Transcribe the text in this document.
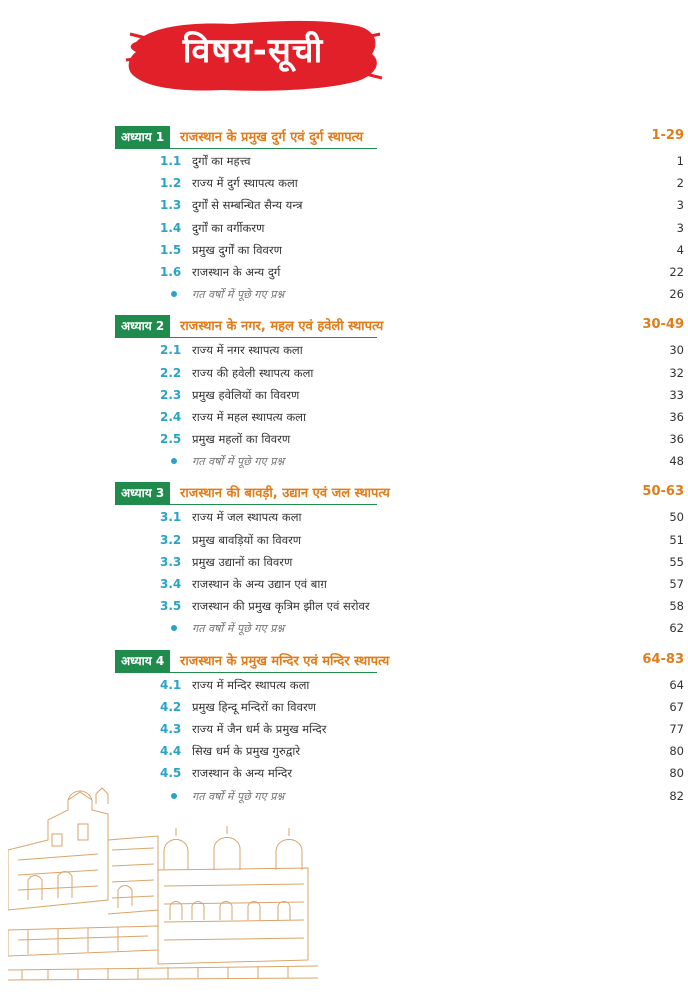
विषय-सूची
अध्याय 1	राजस्थान के प्रमुख दुर्ग एवं दुर्ग स्थापत्य	1-29
1.1 दुर्गों का महत्त्व	1
1.2 राज्य में दुर्ग स्थापत्य कला	2
1.3 दुर्गों से सम्बन्धित सैन्य यन्त्र	3
1.4 दुर्गों का वर्गीकरण	3
1.5 प्रमुख दुर्गों का विवरण	4
1.6 राजस्थान के अन्य दुर्ग	22
गत वर्षों में पूछे गए प्रश्न	26
अध्याय 2	राजस्थान के नगर, महल एवं हवेली स्थापत्य	30-49
2.1 राज्य में नगर स्थापत्य कला	30
2.2 राज्य की हवेली स्थापत्य कला	32
2.3 प्रमुख हवेलियों का विवरण	33
2.4 राज्य में महल स्थापत्य कला	36
2.5 प्रमुख महलों का विवरण	36
गत वर्षों में पूछे गए प्रश्न	48
अध्याय 3	राजस्थान की बावड़ी, उद्यान एवं जल स्थापत्य	50-63
3.1 राज्य में जल स्थापत्य कला	50
3.2 प्रमुख बावड़ियों का विवरण	51
3.3 प्रमुख उद्यानों का विवरण	55
3.4 राजस्थान के अन्य उद्यान एवं बाग़	57
3.5 राजस्थान की प्रमुख कृत्रिम झील एवं सरोवर	58
गत वर्षों में पूछे गए प्रश्न	62
अध्याय 4	राजस्थान के प्रमुख मन्दिर एवं मन्दिर स्थापत्य	64-83
4.1 राज्य में मन्दिर स्थापत्य कला	64
4.2 प्रमुख हिन्दू मन्दिरों का विवरण	67
4.3 राज्य में जैन धर्म के प्रमुख मन्दिर	77
4.4 सिख धर्म के प्रमुख गुरुद्वारे	80
4.5 राजस्थान के अन्य मन्दिर	80
गत वर्षों में पूछे गए प्रश्न	82
